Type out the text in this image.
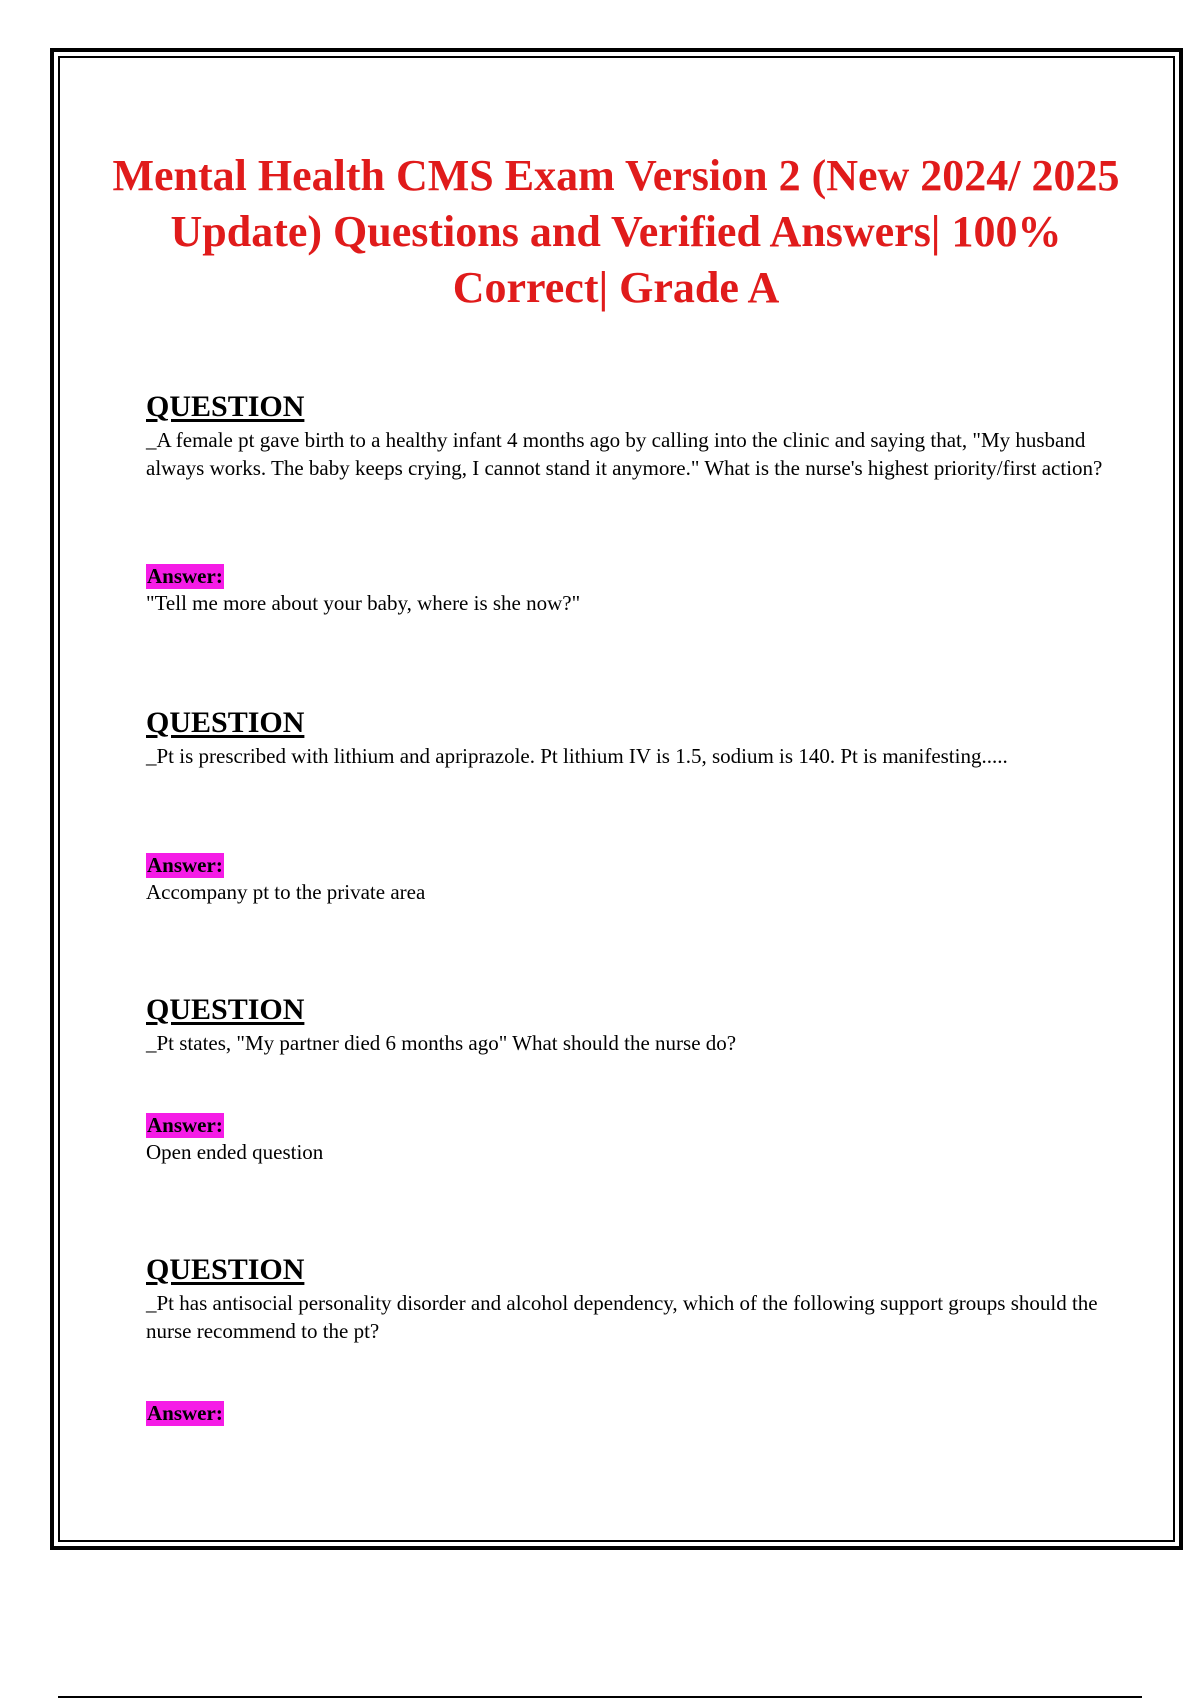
Mental Health CMS Exam Version 2 (New 2024/ 2025 Update) Questions and Verified Answers| 100% Correct| Grade A

QUESTION

_A female pt gave birth to a healthy infant 4 months ago by calling into the clinic and saying that, "My husband always works. The baby keeps crying, I cannot stand it anymore." What is the nurse's highest priority/first action?

Answer:

"Tell me more about your baby, where is she now?"

QUESTION

_Pt is prescribed with lithium and apriprazole. Pt lithium IV is 1.5, sodium is 140. Pt is manifesting.....

Answer:

Accompany pt to the private area

QUESTION

_Pt states, "My partner died 6 months ago" What should the nurse do?

Answer:

Open ended question

QUESTION

_Pt has antisocial personality disorder and alcohol dependency, which of the following support groups should the nurse recommend to the pt?

Answer:
